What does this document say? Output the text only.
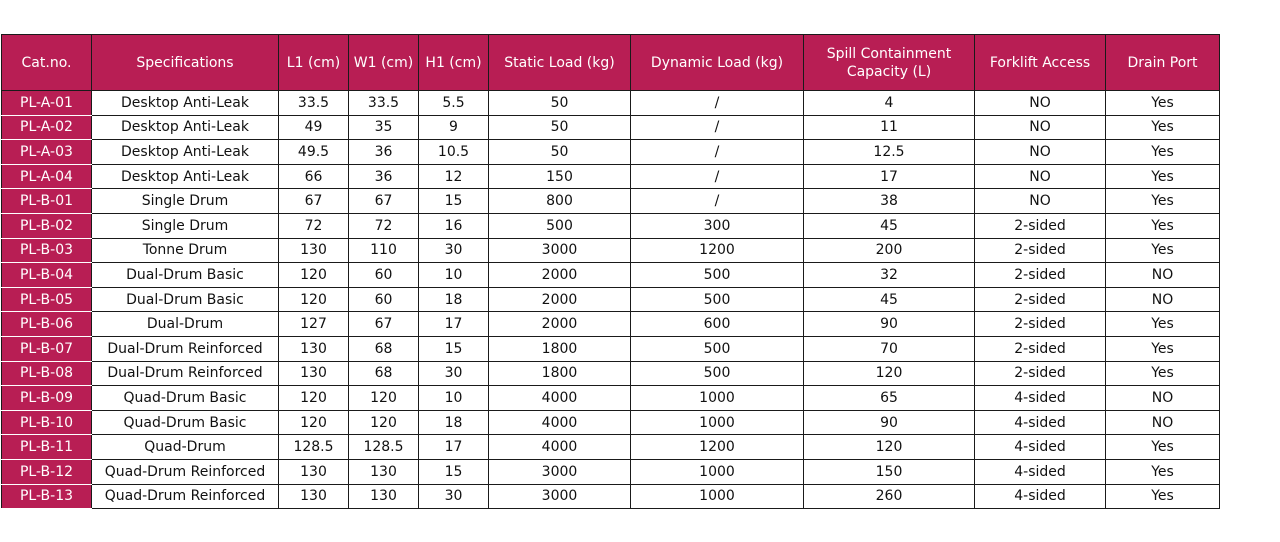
Cat.no.	Specifications	L1 (cm)	W1 (cm)	H1 (cm)	Static Load (kg)	Dynamic Load (kg)	Spill Containment Capacity (L)	Forklift Access	Drain Port
PL-A-01	Desktop Anti-Leak	33.5	33.5	5.5	50	/	4	NO	Yes
PL-A-02	Desktop Anti-Leak	49	35	9	50	/	11	NO	Yes
PL-A-03	Desktop Anti-Leak	49.5	36	10.5	50	/	12.5	NO	Yes
PL-A-04	Desktop Anti-Leak	66	36	12	150	/	17	NO	Yes
PL-B-01	Single Drum	67	67	15	800	/	38	NO	Yes
PL-B-02	Single Drum	72	72	16	500	300	45	2-sided	Yes
PL-B-03	Tonne Drum	130	110	30	3000	1200	200	2-sided	Yes
PL-B-04	Dual-Drum Basic	120	60	10	2000	500	32	2-sided	NO
PL-B-05	Dual-Drum Basic	120	60	18	2000	500	45	2-sided	NO
PL-B-06	Dual-Drum	127	67	17	2000	600	90	2-sided	Yes
PL-B-07	Dual-Drum Reinforced	130	68	15	1800	500	70	2-sided	Yes
PL-B-08	Dual-Drum Reinforced	130	68	30	1800	500	120	2-sided	Yes
PL-B-09	Quad-Drum Basic	120	120	10	4000	1000	65	4-sided	NO
PL-B-10	Quad-Drum Basic	120	120	18	4000	1000	90	4-sided	NO
PL-B-11	Quad-Drum	128.5	128.5	17	4000	1200	120	4-sided	Yes
PL-B-12	Quad-Drum Reinforced	130	130	15	3000	1000	150	4-sided	Yes
PL-B-13	Quad-Drum Reinforced	130	130	30	3000	1000	260	4-sided	Yes
